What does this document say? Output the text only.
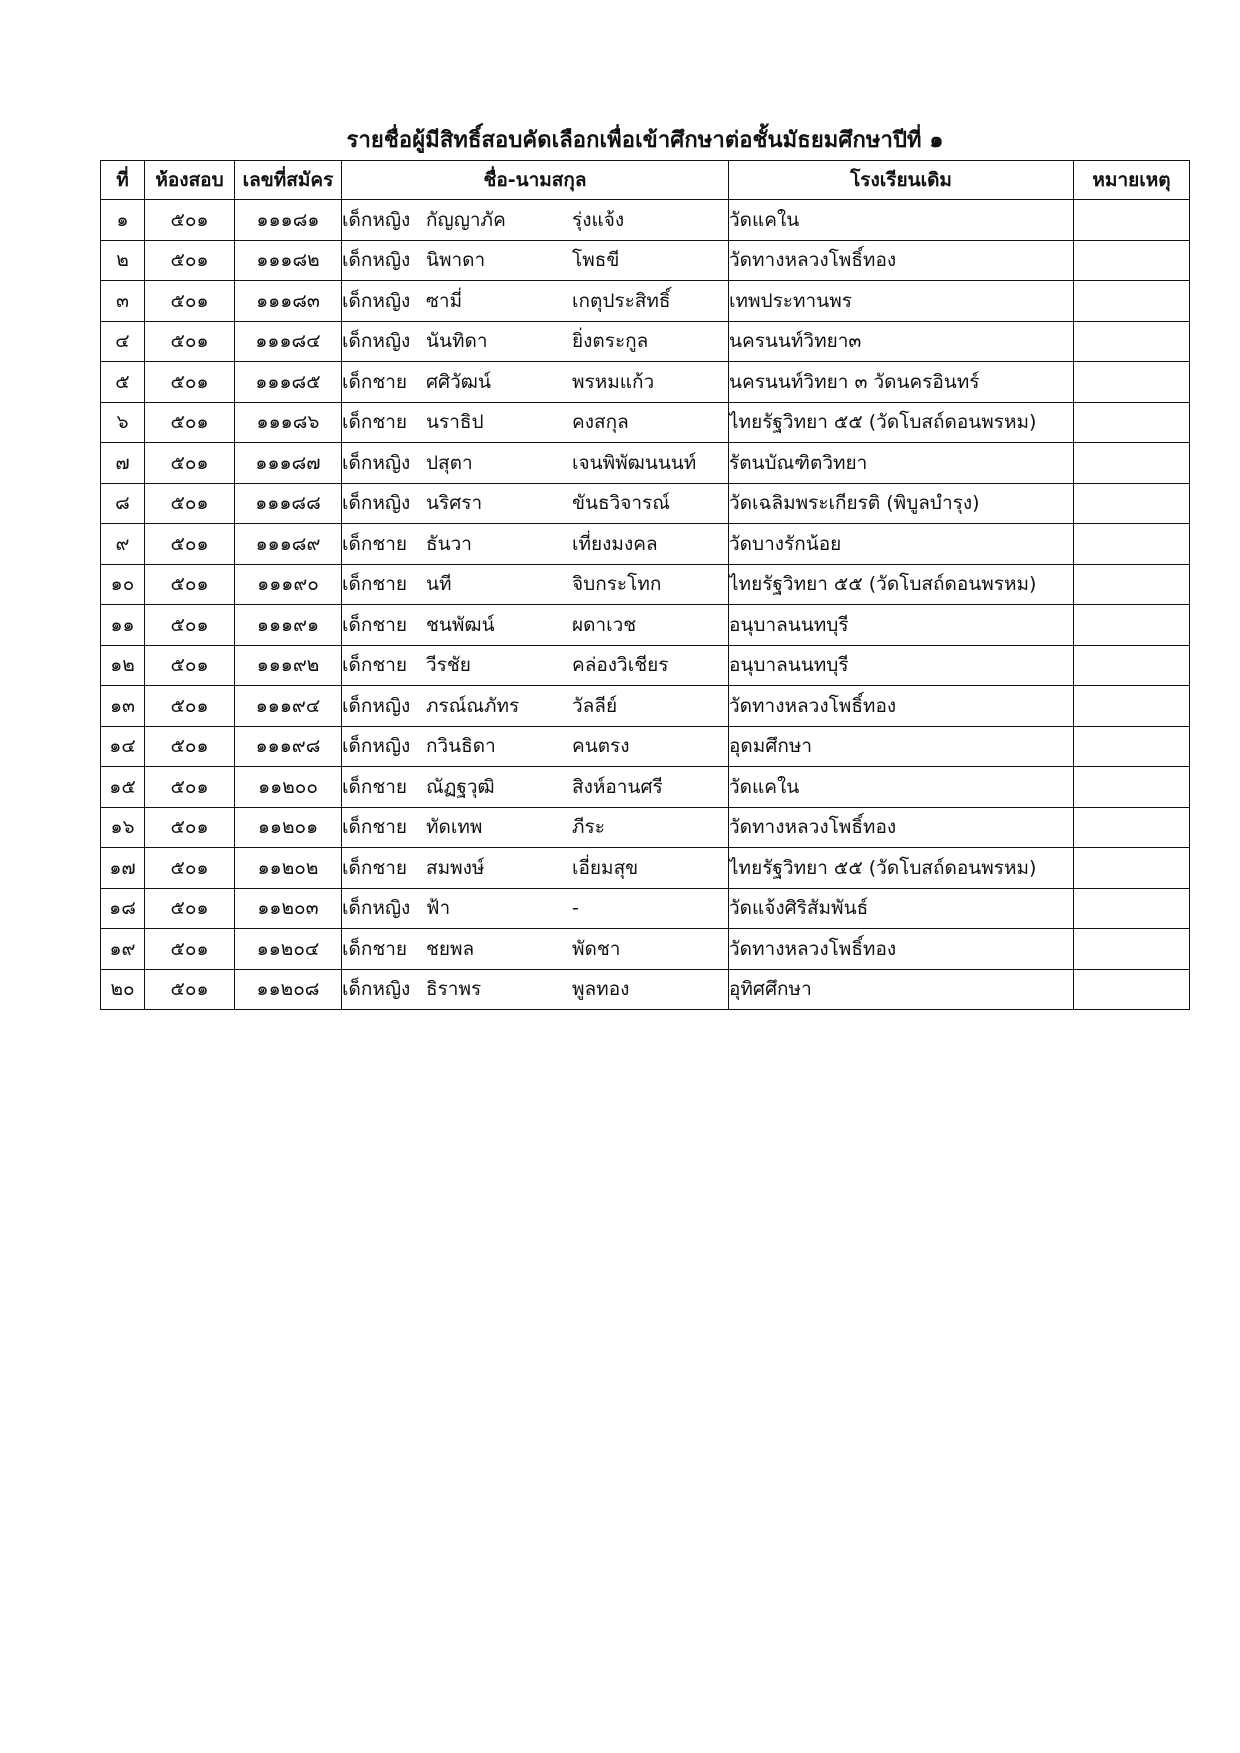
รายชื่อผู้มีสิทธิ์สอบคัดเลือกเพื่อเข้าศึกษาต่อชั้นมัธยมศึกษาปีที่ ๑
ที่	ห้องสอบ	เลขที่สมัคร	ชื่อ-นามสกุล	โรงเรียนเดิม	หมายเหตุ
๑	๕๐๑	๑๑๑๘๑	เด็กหญิง กัญญาภัค รุ่งแจ้ง	วัดแคใน	
๒	๕๐๑	๑๑๑๘๒	เด็กหญิง นิพาดา โพธขี	วัดทางหลวงโพธิ์ทอง	
๓	๕๐๑	๑๑๑๘๓	เด็กหญิง ซามี่ เกตุประสิทธิ์	เทพประทานพร	
๔	๕๐๑	๑๑๑๘๔	เด็กหญิง นันทิดา ยิ่งตระกูล	นครนนท์วิทยา๓	
๕	๕๐๑	๑๑๑๘๕	เด็กชาย ศศิวัฒน์ พรหมแก้ว	นครนนท์วิทยา ๓ วัดนครอินทร์	
๖	๕๐๑	๑๑๑๘๖	เด็กชาย นราธิป คงสกุล	ไทยรัฐวิทยา ๕๕ (วัดโบสถ์ดอนพรหม)	
๗	๕๐๑	๑๑๑๘๗	เด็กหญิง ปสุตา เจนพิพัฒนนนท์	รัตนบัณฑิตวิทยา	
๘	๕๐๑	๑๑๑๘๘	เด็กหญิง นริศรา ขันธวิจารณ์	วัดเฉลิมพระเกียรติ (พิบูลบำรุง)	
๙	๕๐๑	๑๑๑๘๙	เด็กชาย ธันวา เที่ยงมงคล	วัดบางรักน้อย	
๑๐	๕๐๑	๑๑๑๙๐	เด็กชาย นที จิบกระโทก	ไทยรัฐวิทยา ๕๕ (วัดโบสถ์ดอนพรหม)	
๑๑	๕๐๑	๑๑๑๙๑	เด็กชาย ชนพัฒน์ ผดาเวช	อนุบาลนนทบุรี	
๑๒	๕๐๑	๑๑๑๙๒	เด็กชาย วีรชัย คล่องวิเชียร	อนุบาลนนทบุรี	
๑๓	๕๐๑	๑๑๑๙๔	เด็กหญิง ภรณ์ณภัทร วัลลีย์	วัดทางหลวงโพธิ์ทอง	
๑๔	๕๐๑	๑๑๑๙๘	เด็กหญิง กวินธิดา คนตรง	อุดมศึกษา	
๑๕	๕๐๑	๑๑๒๐๐	เด็กชาย ณัฏฐวุฒิ สิงห์อานศรี	วัดแคใน	
๑๖	๕๐๑	๑๑๒๐๑	เด็กชาย ทัดเทพ ภีระ	วัดทางหลวงโพธิ์ทอง	
๑๗	๕๐๑	๑๑๒๐๒	เด็กชาย สมพงษ์ เอี่ยมสุข	ไทยรัฐวิทยา ๕๕ (วัดโบสถ์ดอนพรหม)	
๑๘	๕๐๑	๑๑๒๐๓	เด็กหญิง ฟ้า -	วัดแจ้งศิริสัมพันธ์	
๑๙	๕๐๑	๑๑๒๐๔	เด็กชาย ชยพล พัดชา	วัดทางหลวงโพธิ์ทอง	
๒๐	๕๐๑	๑๑๒๐๘	เด็กหญิง ธิราพร พูลทอง	อุทิศศึกษา	
